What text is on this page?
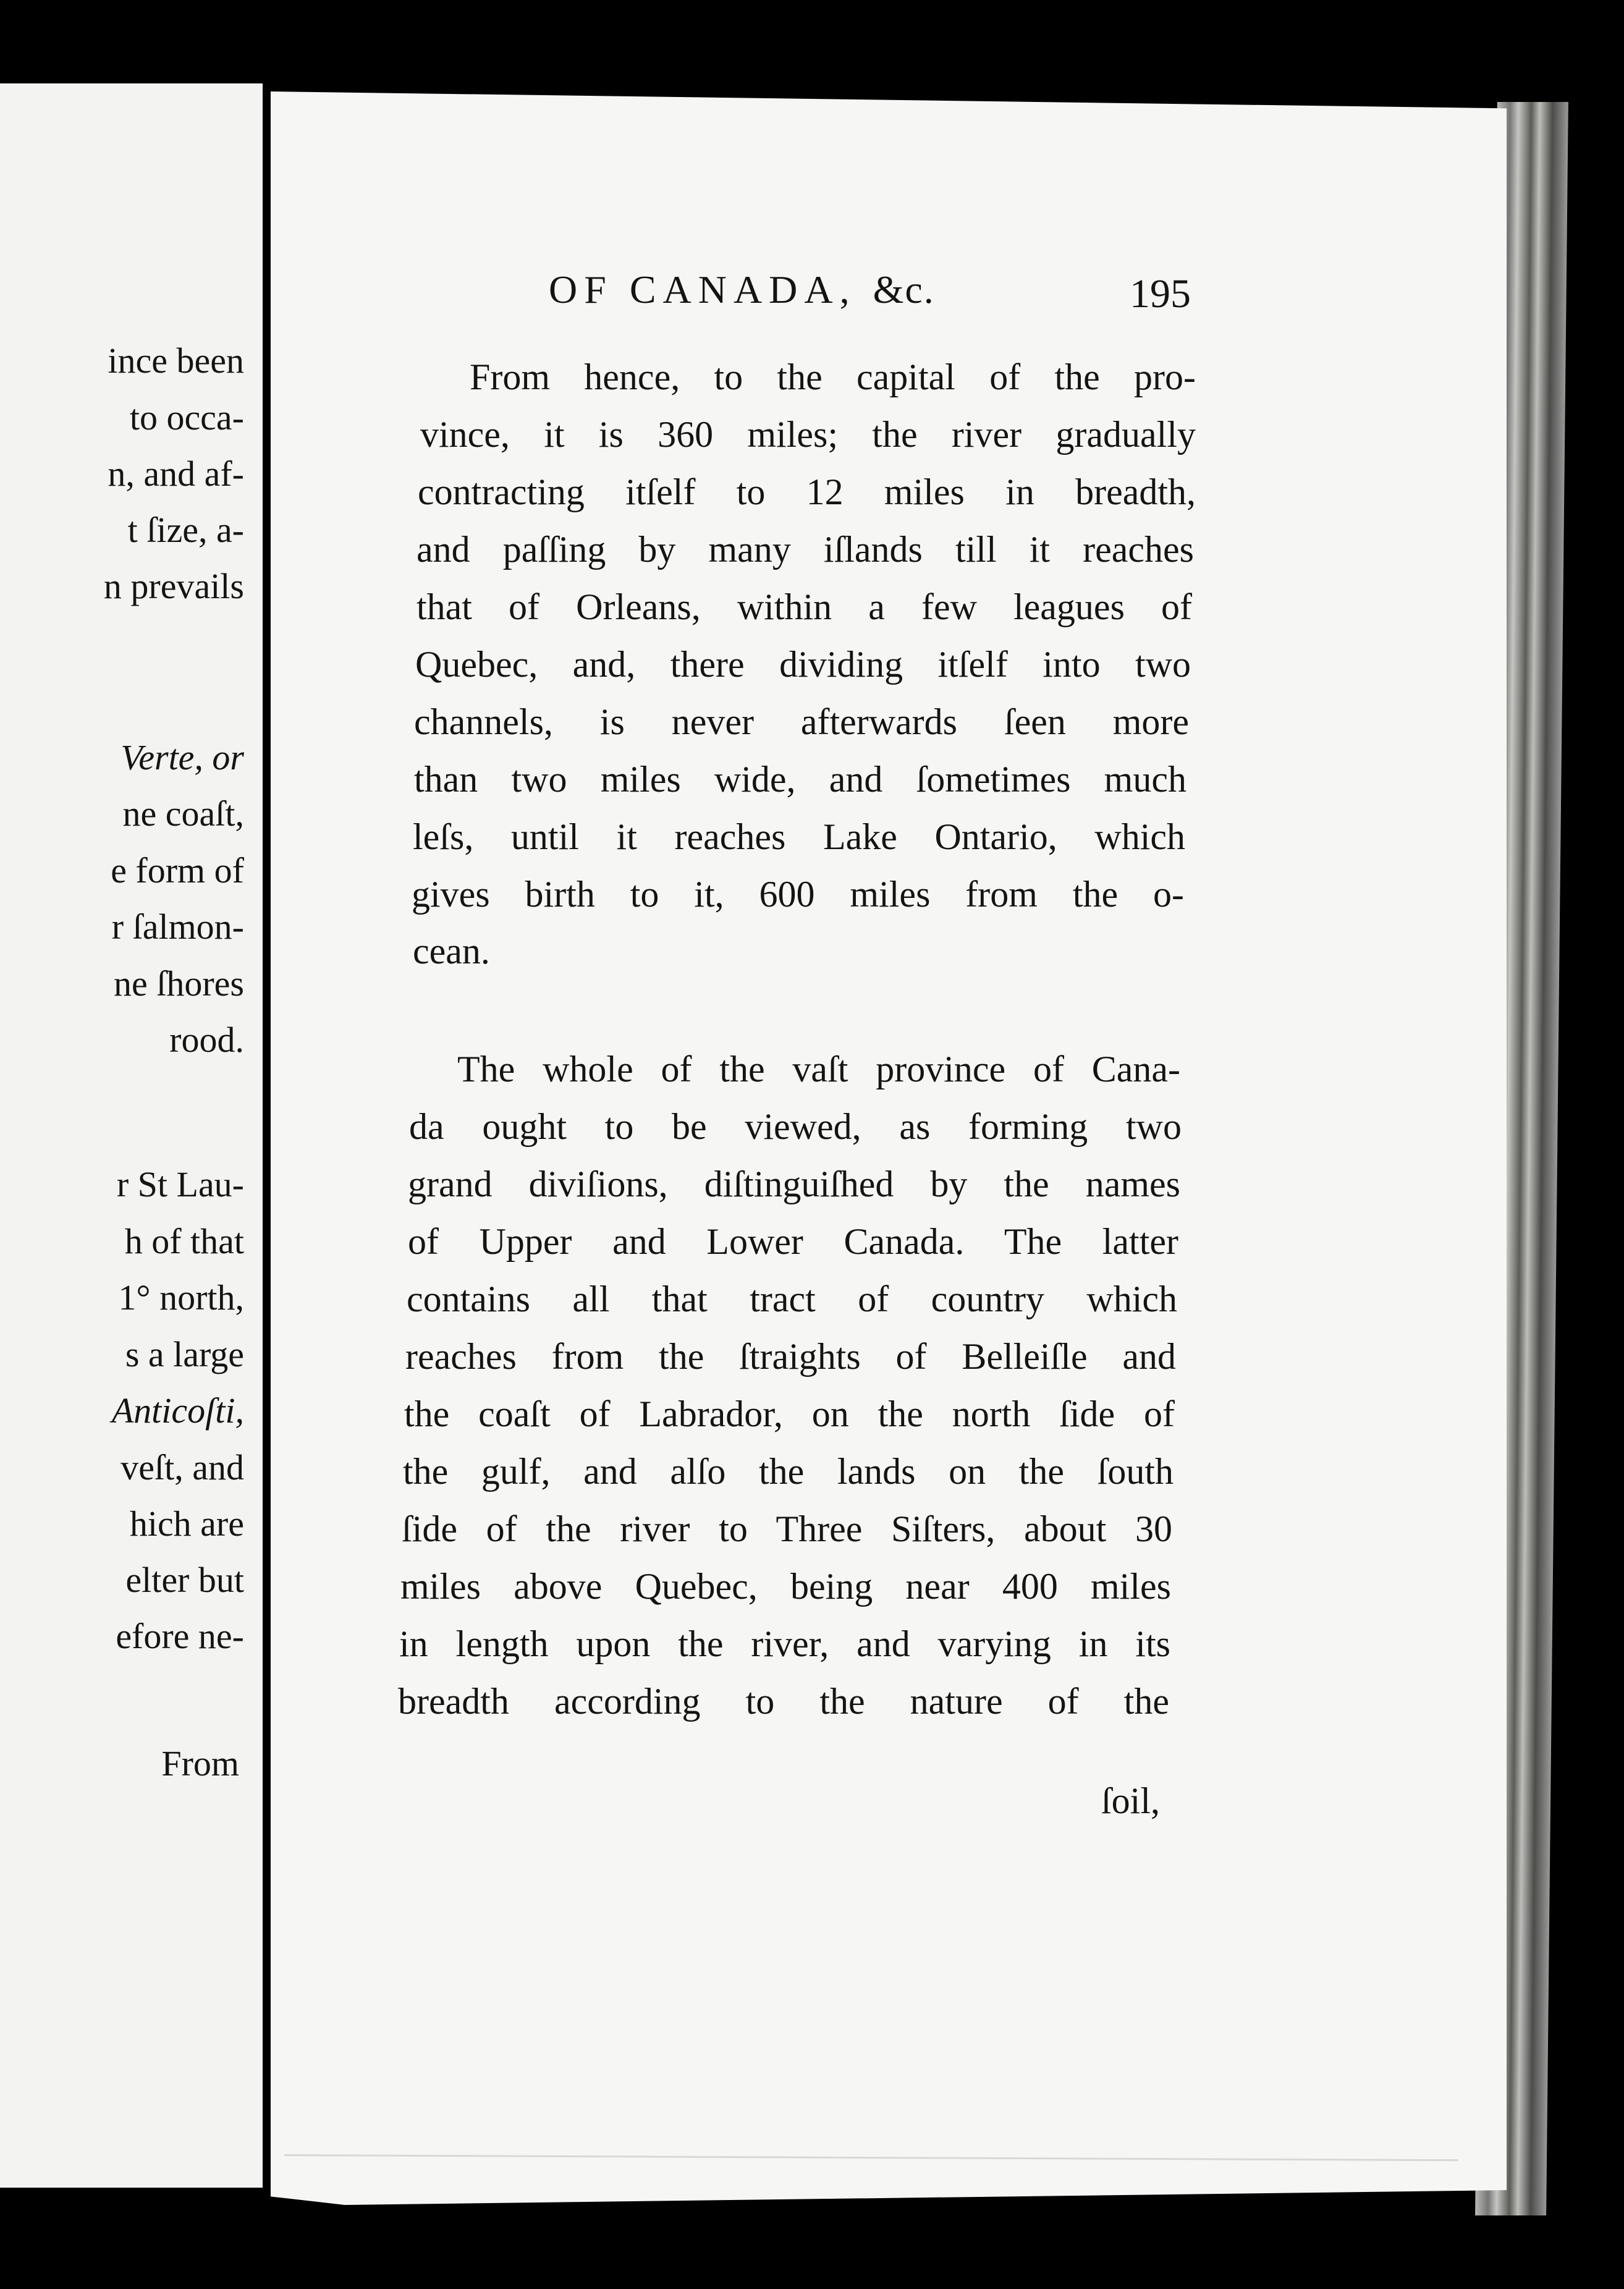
ince been
to occa-
n, and af-
t ſize, a-
n prevails
Verte, or
ne coaſt,
e form of
r ſalmon-
ne ſhores
rood.
r St Lau-
h of that
1° north,
s a large
Anticoſti,
veſt, and
hich are
elter but
efore ne-
From
OF CANADA, &c.	195
From hence, to the capital of the pro-
vince, it is 360 miles; the river gradually
contracting itſelf to 12 miles in breadth,
and paſſing by many iſlands till it reaches
that of Orleans, within a few leagues of
Quebec, and, there dividing itſelf into two
channels, is never afterwards ſeen more
than two miles wide, and ſometimes much
leſs, until it reaches Lake Ontario, which
gives birth to it, 600 miles from the o-
cean.
The whole of the vaſt province of Cana-
da ought to be viewed, as forming two
grand diviſions, diſtinguiſhed by the names
of Upper and Lower Canada. The latter
contains all that tract of country which
reaches from the ſtraights of Belleiſle and
the coaſt of Labrador, on the north ſide of
the gulf, and alſo the lands on the ſouth
ſide of the river to Three Siſters, about 30
miles above Quebec, being near 400 miles
in length upon the river, and varying in its
breadth according to the nature of the
ſoil,
